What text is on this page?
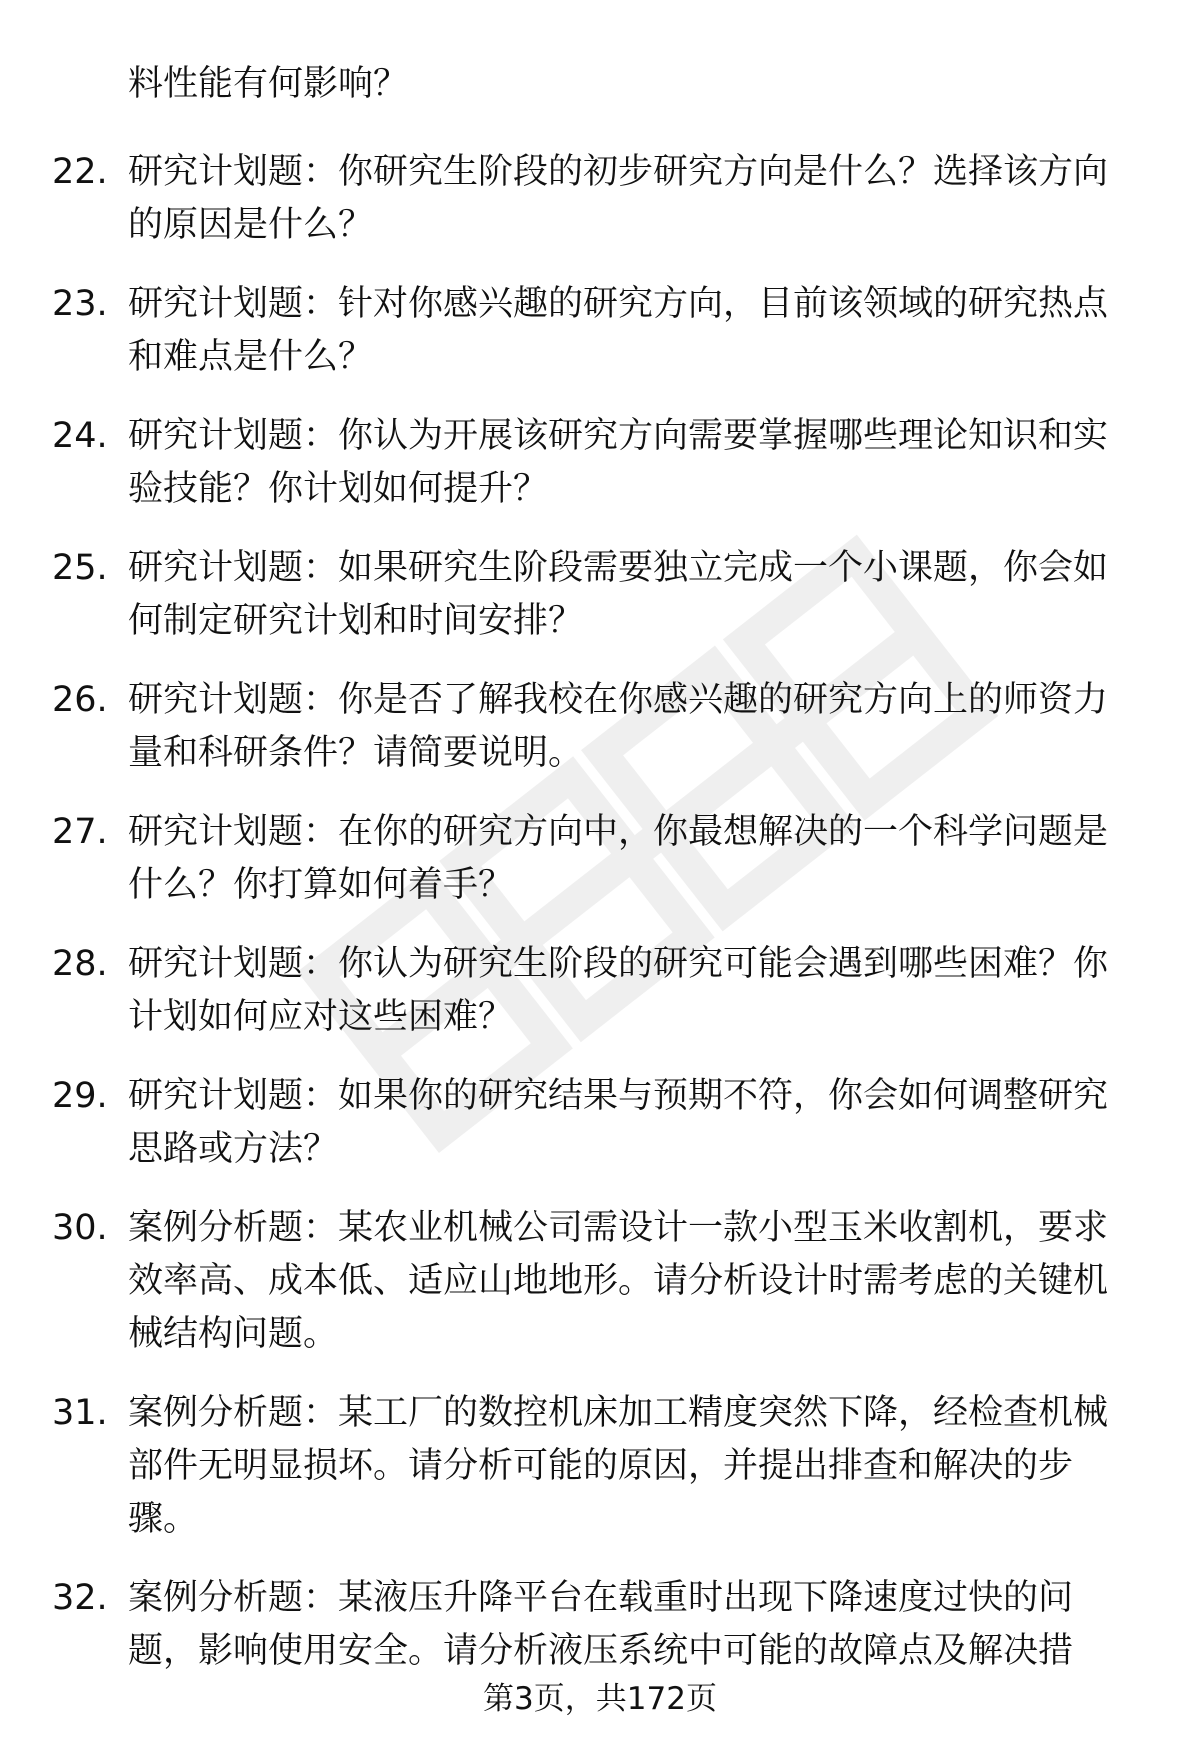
料性能有何影响？

22. 研究计划题：你研究生阶段的初步研究方向是什么？选择该方向的原因是什么？
23. 研究计划题：针对你感兴趣的研究方向，目前该领域的研究热点和难点是什么？
24. 研究计划题：你认为开展该研究方向需要掌握哪些理论知识和实验技能？你计划如何提升？
25. 研究计划题：如果研究生阶段需要独立完成一个小课题，你会如何制定研究计划和时间安排？
26. 研究计划题：你是否了解我校在你感兴趣的研究方向上的师资力量和科研条件？请简要说明。
27. 研究计划题：在你的研究方向中，你最想解决的一个科学问题是什么？你打算如何着手？
28. 研究计划题：你认为研究生阶段的研究可能会遇到哪些困难？你计划如何应对这些困难？
29. 研究计划题：如果你的研究结果与预期不符，你会如何调整研究思路或方法？
30. 案例分析题：某农业机械公司需设计一款小型玉米收割机，要求效率高、成本低、适应山地地形。请分析设计时需考虑的关键机械结构问题。
31. 案例分析题：某工厂的数控机床加工精度突然下降，经检查机械部件无明显损坏。请分析可能的原因，并提出排查和解决的步骤。
32. 案例分析题：某液压升降平台在载重时出现下降速度过快的问题，影响使用安全。请分析液压系统中可能的故障点及解决措
第3页，共172页
